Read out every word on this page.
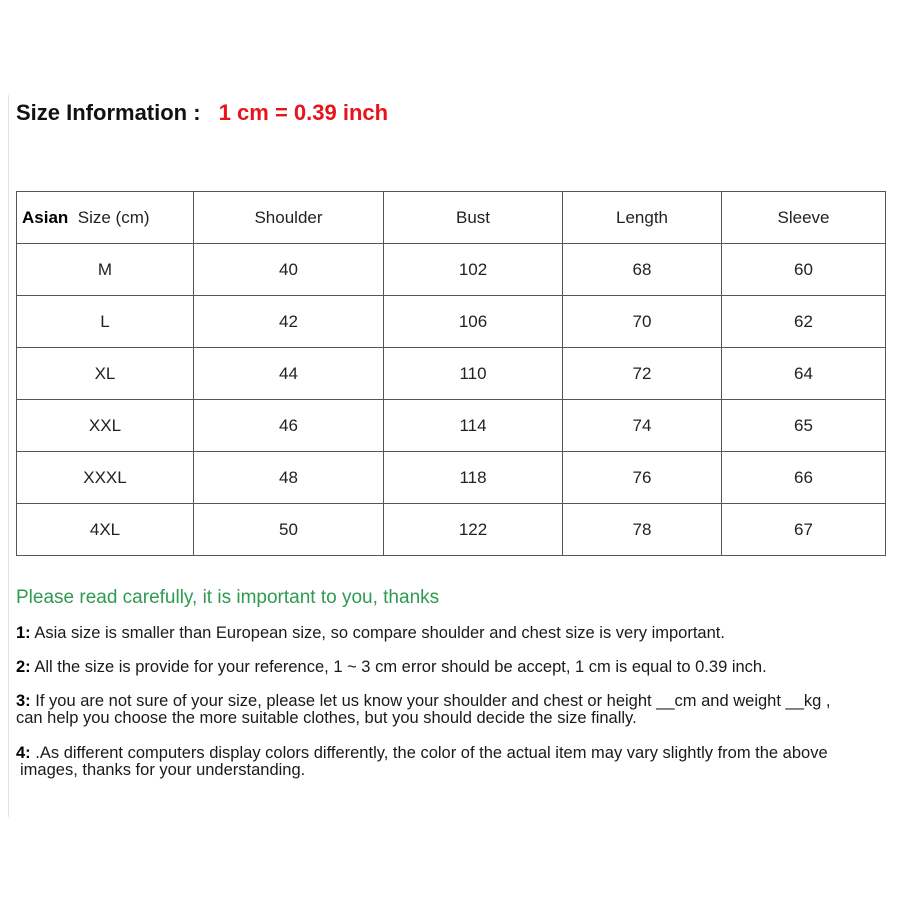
Size Information : 1 cm = 0.39 inch
Asian Size (cm)	Shoulder	Bust	Length	Sleeve
M	40	102	68	60
L	42	106	70	62
XL	44	110	72	64
XXL	46	114	74	65
XXXL	48	118	76	66
4XL	50	122	78	67
Please read carefully, it is important to you, thanks
1: Asia size is smaller than European size, so compare shoulder and chest size is very important.
2: All the size is provide for your reference, 1 ~ 3 cm error should be accept, 1 cm is equal to 0.39 inch.
3: If you are not sure of your size, please let us know your shoulder and chest or height __cm and weight __kg ,
can help you choose the more suitable clothes, but you should decide the size finally.
4: .As different computers display colors differently, the color of the actual item may vary slightly from the above
images, thanks for your understanding.
